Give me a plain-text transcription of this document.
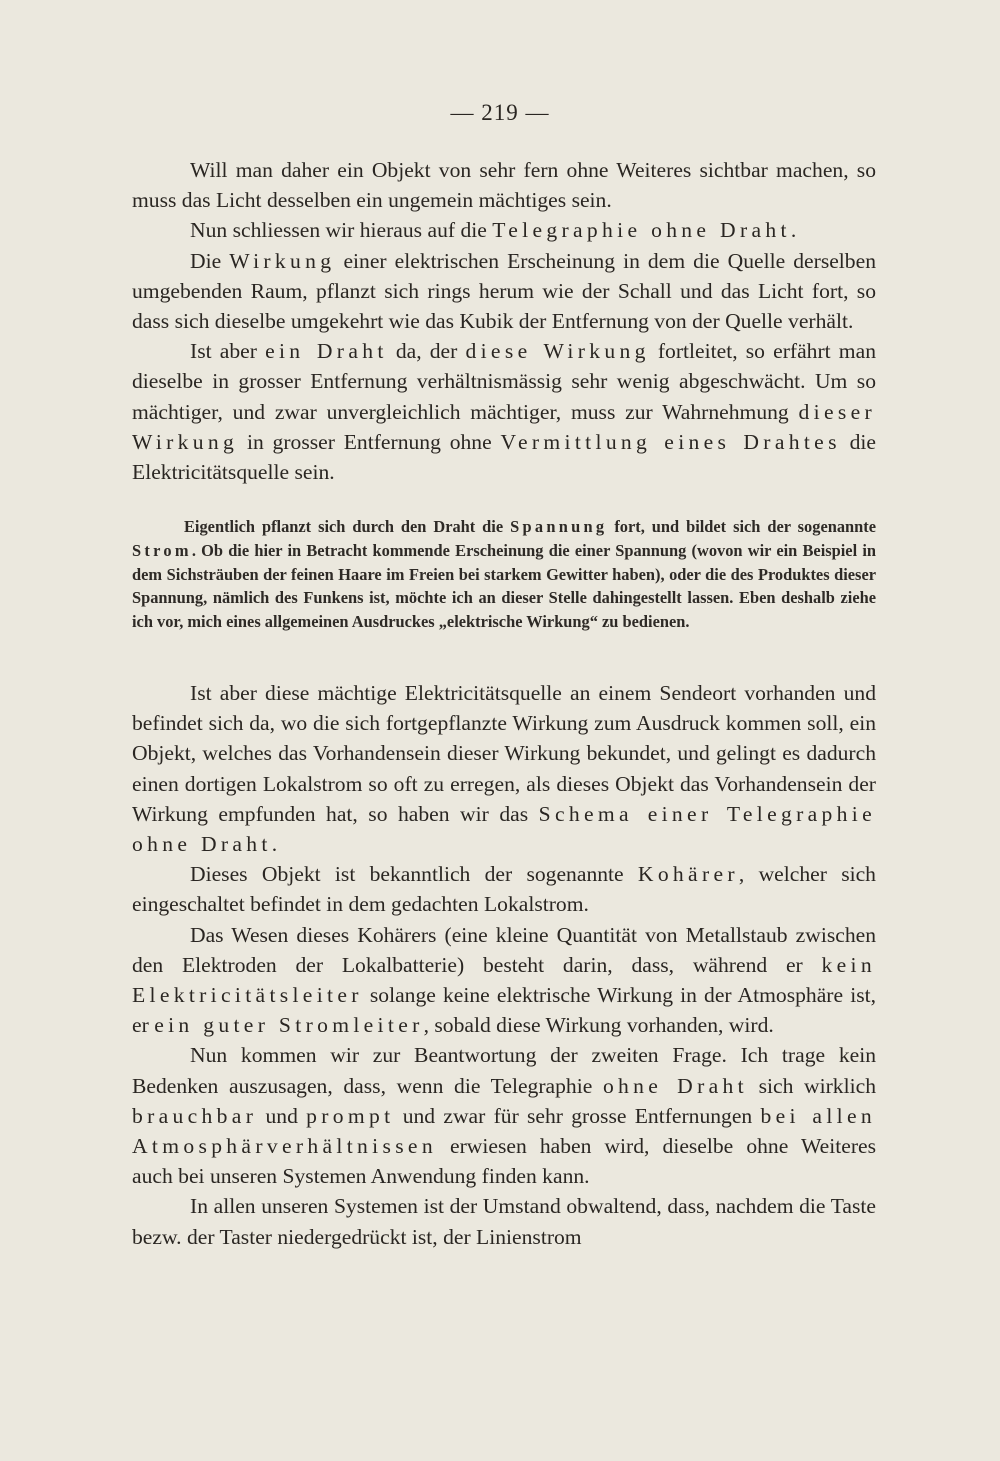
— 219 —

Will man daher ein Objekt von sehr fern ohne Weiteres sichtbar machen, so muss das Licht desselben ein ungemein mächtiges sein.

Nun schliessen wir hieraus auf die Telegraphie ohne Draht.

Die Wirkung einer elektrischen Erscheinung in dem die Quelle derselben umgebenden Raum, pflanzt sich rings herum wie der Schall und das Licht fort, so dass sich dieselbe umgekehrt wie das Kubik der Entfernung von der Quelle verhält.

Ist aber ein Draht da, der diese Wirkung fortleitet, so erfährt man dieselbe in grosser Entfernung verhältnismässig sehr wenig abgeschwächt. Um so mächtiger, und zwar unvergleichlich mächtiger, muss zur Wahrnehmung dieser Wirkung in grosser Entfernung ohne Vermittlung eines Drahtes die Elektricitätsquelle sein.

Eigentlich pflanzt sich durch den Draht die Spannung fort, und bildet sich der sogenannte Strom. Ob die hier in Betracht kommende Erscheinung die einer Spannung (wovon wir ein Beispiel in dem Sichsträuben der feinen Haare im Freien bei starkem Gewitter haben), oder die des Produktes dieser Spannung, nämlich des Funkens ist, möchte ich an dieser Stelle dahingestellt lassen. Eben deshalb ziehe ich vor, mich eines allgemeinen Ausdruckes „elektrische Wirkung“ zu bedienen.

Ist aber diese mächtige Elektricitätsquelle an einem Sendeort vorhanden und befindet sich da, wo die sich fortgepflanzte Wirkung zum Ausdruck kommen soll, ein Objekt, welches das Vorhandensein dieser Wirkung bekundet, und gelingt es dadurch einen dortigen Lokalstrom so oft zu erregen, als dieses Objekt das Vorhandensein der Wirkung empfunden hat, so haben wir das Schema einer Telegraphie ohne Draht.

Dieses Objekt ist bekanntlich der sogenannte Kohärer, welcher sich eingeschaltet befindet in dem gedachten Lokalstrom.

Das Wesen dieses Kohärers (eine kleine Quantität von Metallstaub zwischen den Elektroden der Lokalbatterie) besteht darin, dass, während er kein Elektricitätsleiter solange keine elektrische Wirkung in der Atmosphäre ist, er ein guter Stromleiter, sobald diese Wirkung vorhanden, wird.

Nun kommen wir zur Beantwortung der zweiten Frage. Ich trage kein Bedenken auszusagen, dass, wenn die Telegraphie ohne Draht sich wirklich brauchbar und prompt und zwar für sehr grosse Entfernungen bei allen Atmosphärverhältnissen erwiesen haben wird, dieselbe ohne Weiteres auch bei unseren Systemen Anwendung finden kann.

In allen unseren Systemen ist der Umstand obwaltend, dass, nachdem die Taste bezw. der Taster niedergedrückt ist, der Linienstrom
